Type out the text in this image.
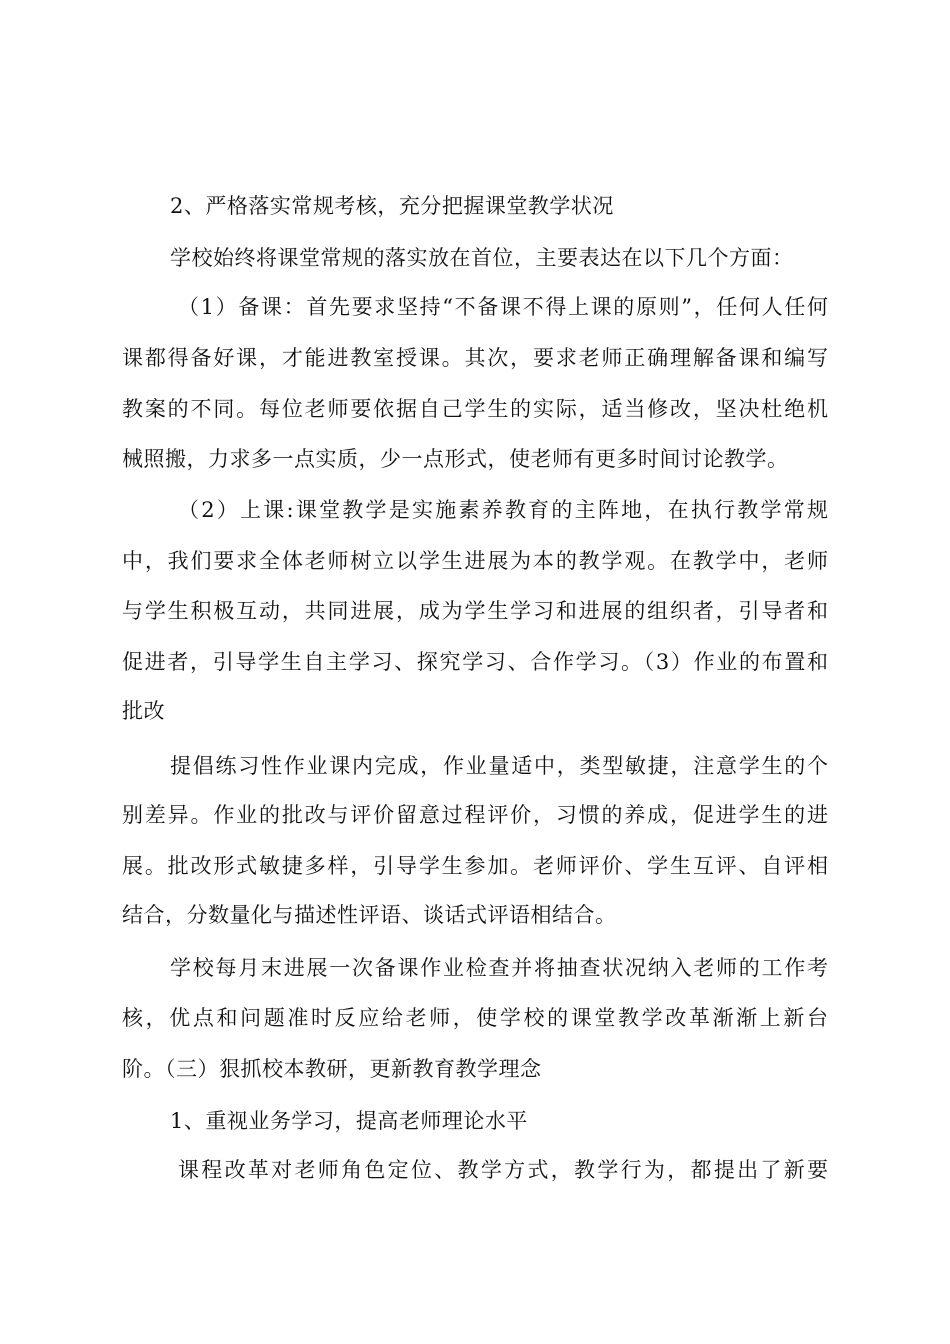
2、严格落实常规考核，充分把握课堂教学状况
学校始终将课堂常规的落实放在首位，主要表达在以下几个方面：
（1）备课：首先要求坚持“不备课不得上课的原则”，任何人任何
课都得备好课，才能进教室授课。其次，要求老师正确理解备课和编写
教案的不同。每位老师要依据自己学生的实际，适当修改，坚决杜绝机
械照搬，力求多一点实质，少一点形式，使老师有更多时间讨论教学。
（2）上课:课堂教学是实施素养教育的主阵地，在执行教学常规
中，我们要求全体老师树立以学生进展为本的教学观。在教学中，老师
与学生积极互动，共同进展，成为学生学习和进展的组织者，引导者和
促进者，引导学生自主学习、探究学习、合作学习。（3）作业的布置和
批改
提倡练习性作业课内完成，作业量适中，类型敏捷，注意学生的个
别差异。作业的批改与评价留意过程评价，习惯的养成，促进学生的进
展。批改形式敏捷多样，引导学生参加。老师评价、学生互评、自评相
结合，分数量化与描述性评语、谈话式评语相结合。
学校每月末进展一次备课作业检查并将抽查状况纳入老师的工作考
核，优点和问题准时反应给老师，使学校的课堂教学改革渐渐上新台
阶。（三）狠抓校本教研，更新教育教学理念
1、重视业务学习，提高老师理论水平
课程改革对老师角色定位、教学方式，教学行为，都提出了新要
